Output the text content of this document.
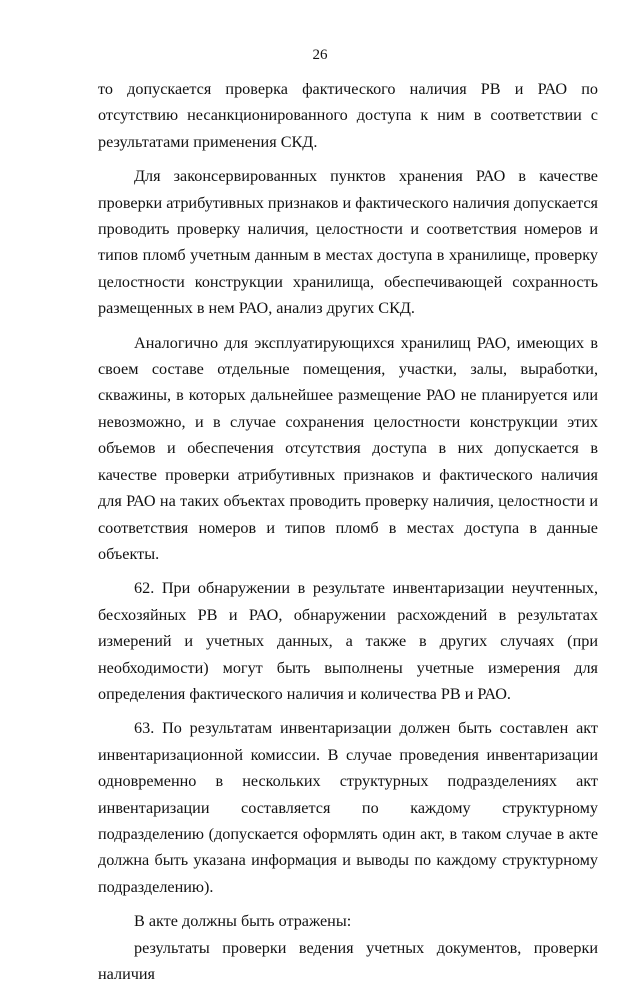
26

то допускается проверка фактического наличия РВ и РАО по отсутствию несанкционированного доступа к ним в соответствии с результатами применения СКД.

Для законсервированных пунктов хранения РАО в качестве проверки атрибутивных признаков и фактического наличия допускается проводить проверку наличия, целостности и соответствия номеров и типов пломб учетным данным в местах доступа в хранилище, проверку целостности конструкции хранилища, обеспечивающей сохранность размещенных в нем РАО, анализ других СКД.

Аналогично для эксплуатирующихся хранилищ РАО, имеющих в своем составе отдельные помещения, участки, залы, выработки, скважины, в которых дальнейшее размещение РАО не планируется или невозможно, и в случае сохранения целостности конструкции этих объемов и обеспечения отсутствия доступа в них допускается в качестве проверки атрибутивных признаков и фактического наличия для РАО на таких объектах проводить проверку наличия, целостности и соответствия номеров и типов пломб в местах доступа в данные объекты.

62. При обнаружении в результате инвентаризации неучтенных, бесхозяйных РВ и РАО, обнаружении расхождений в результатах измерений и учетных данных, а также в других случаях (при необходимости) могут быть выполнены учетные измерения для определения фактического наличия и количества РВ и РАО.

63. По результатам инвентаризации должен быть составлен акт инвентаризационной комиссии. В случае проведения инвентаризации одновременно в нескольких структурных подразделениях акт инвентаризации составляется по каждому структурному подразделению (допускается оформлять один акт, в таком случае в акте должна быть указана информация и выводы по каждому структурному подразделению).

В акте должны быть отражены:

результаты проверки ведения учетных документов, проверки наличия
